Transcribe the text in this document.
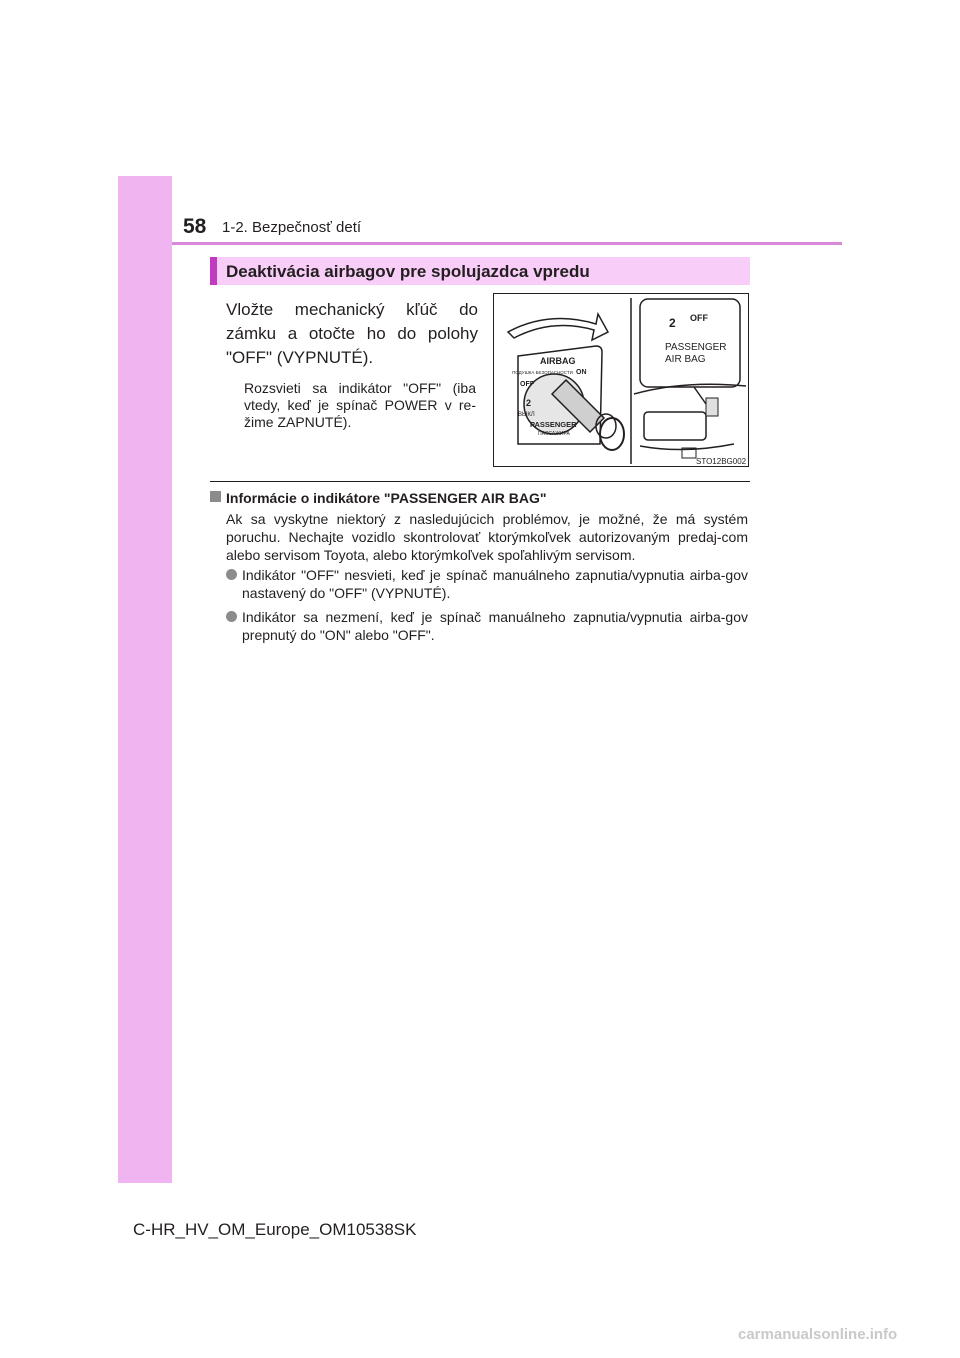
58 1-2. Bezpečnosť detí
Deaktivácia airbagov pre spolujazdca vpredu
Vložte mechanický kľúč do zámku a otočte ho do polohy "OFF" (VYPNUTÉ).
Rozsvieti sa indikátor "OFF" (iba vtedy, keď je spínač POWER v re-žime ZAPNUTÉ).
AIRBAG
ПОДУШКА БЕЗОПАСНОСТИ
OFF
ON
2
ВЫКЛ
PASSENGER
ПАССАЖИРА
2 OFF
PASSENGER
AIR BAG
STO12BG002
Informácie o indikátore "PASSENGER AIR BAG"
Ak sa vyskytne niektorý z nasledujúcich problémov, je možné, že má systém poruchu. Nechajte vozidlo skontrolovať ktorýmkoľvek autorizovaným predaj-com alebo servisom Toyota, alebo ktorýmkoľvek spoľahlivým servisom.
Indikátor "OFF" nesvieti, keď je spínač manuálneho zapnutia/vypnutia airba-gov nastavený do "OFF" (VYPNUTÉ).
Indikátor sa nezmení, keď je spínač manuálneho zapnutia/vypnutia airba-gov prepnutý do "ON" alebo "OFF".
C-HR_HV_OM_Europe_OM10538SK
carmanualsonline.info
